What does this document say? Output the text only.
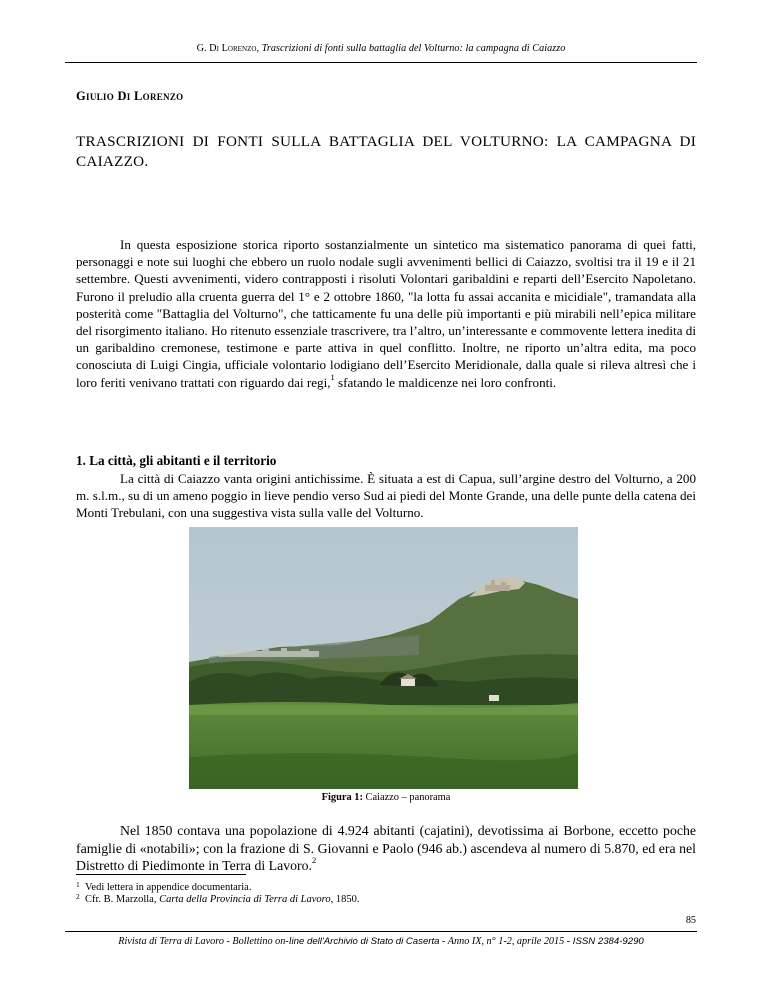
G. Di Lorenzo, Trascrizioni di fonti sulla battaglia del Volturno: la campagna di Caiazzo
Giulio Di Lorenzo
TRASCRIZIONI DI FONTI SULLA BATTAGLIA DEL VOLTURNO: LA CAMPAGNA DI CAIAZZO.

In questa esposizione storica riporto sostanzialmente un sintetico ma sistematico panorama di quei fatti, personaggi e note sui luoghi che ebbero un ruolo nodale sugli avvenimenti bellici di Caiazzo, svoltisi tra il 19 e il 21 settembre. Questi avvenimenti, videro contrapposti i risoluti Volontari garibaldini e reparti dell’Esercito Napoletano. Furono il preludio alla cruenta guerra del 1° e 2 ottobre 1860, "la lotta fu assai accanita e micidiale", tramandata alla posterità come "Battaglia del Volturno", che tatticamente fu una delle più importanti e più mirabili nell’epica militare del risorgimento italiano. Ho ritenuto essenziale trascrivere, tra l’altro, un’interessante e commovente lettera inedita di un garibaldino cremonese, testimone e parte attiva in quel conflitto. Inoltre, ne riporto un’altra edita, ma poco conosciuta di Luigi Cingia, ufficiale volontario lodigiano dell’Esercito Meridionale, dalla quale si rileva altresì che i loro feriti venivano trattati con riguardo dai regi,$^1$ sfatando le maldicenze nei loro confronti.

1. La città, gli abitanti e il territorio

La città di Caiazzo vanta origini antichissime. È situata a est di Capua, sull’argine destro del Volturno, a 200 m. s.l.m., su di un ameno poggio in lieve pendio verso Sud ai piedi del Monte Grande, una delle punte della catena dei Monti Trebulani, con una suggestiva vista sulla valle del Volturno.

Figura 1: Caiazzo – panorama

Nel 1850 contava una popolazione di 4.924 abitanti (cajatini), devotissima ai Borbone, eccetto poche famiglie di «notabili»; con la frazione di S. Giovanni e Paolo (946 ab.) ascendeva al numero di 5.870, ed era nel Distretto di Piedimonte in Terra di Lavoro.$^2$

1 Vedi lettera in appendice documentaria.
2 Cfr. B. Marzolla, Carta della Provincia di Terra di Lavoro, 1850.
85
Rivista di Terra di Lavoro - Bollettino on-line dell'Archivio di Stato di Caserta - Anno IX, n° 1-2, aprile 2015 - ISSN 2384-9290
